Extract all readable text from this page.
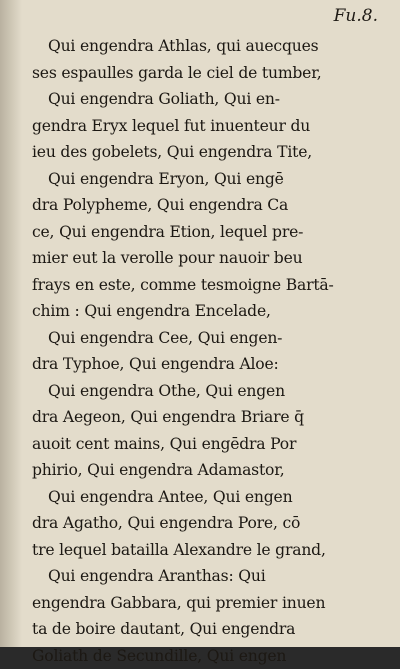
Fu.8.
Qui engendra Athlas, qui auecques
ses espaulles garda le ciel de tumber,
Qui engendra Goliath, Qui en-
gendra Eryx lequel fut inuenteur du
ieu des gobelets, Qui engendra Tite,
Qui engendra Eryon, Qui engē
dra Polypheme, Qui engendra Ca
ce, Qui engendra Etion, lequel pre-
mier eut la verolle pour nauoir beu
frays en este, comme tesmoigne Bartā-
chim : Qui engendra Encelade,
Qui engendra Cee, Qui engen-
dra Typhoe, Qui engendra Aloe:
Qui engendra Othe, Qui engen
dra Aegeon, Qui engendra Briare q̄
auoit cent mains, Qui engēdra Por
phirio, Qui engendra Adamastor,
Qui engendra Antee, Qui engen
dra Agatho, Qui engendra Pore, cō
tre lequel batailla Alexandre le grand,
Qui engendra Aranthas: Qui
engendra Gabbara, qui premier inuen
ta de boire dautant, Qui engendra
Goliath de Secundille, Qui engen
